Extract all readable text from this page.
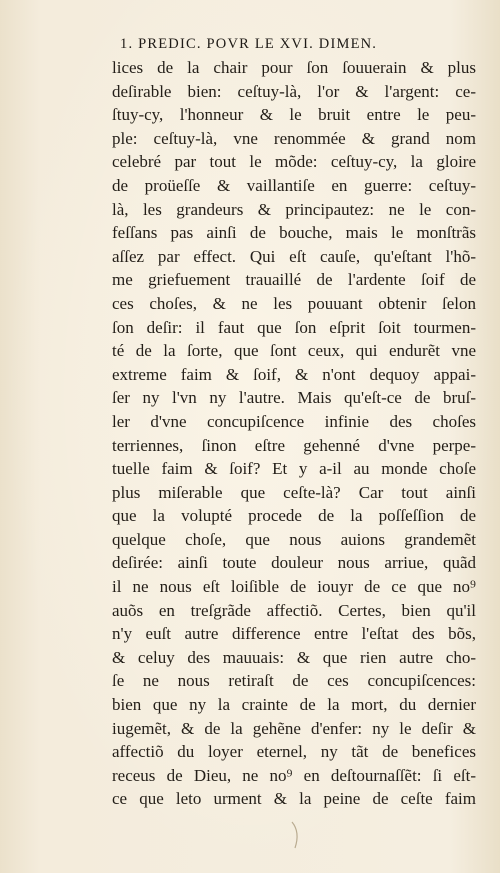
1. PREDIC. POVR LE XVI. DIMEN.
lices de la chair pour ſon ſouuerain & plus
deſirable bien: ceſtuy-là, l'or & l'argent: ce-
ſtuy-cy, l'honneur & le bruit entre le peu-
ple: ceſtuy-là, vne renommée & grand nom
celebré par tout le mõde: ceſtuy-cy, la gloire
de proüeſſe & vaillantiſe en guerre: ceſtuy-
là, les grandeurs & principautez: ne le con-
feſſans pas ainſi de bouche, mais le monſtrãs
aſſez par effect. Qui eſt cauſe, qu'eſtant l'hõ-
me griefuement trauaillé de l'ardente ſoif de
ces choſes, & ne les pouuant obtenir ſelon
ſon deſir: il faut que ſon eſprit ſoit tourmen-
té de la ſorte, que ſont ceux, qui endurẽt vne
extreme faim & ſoif, & n'ont dequoy appai-
ſer ny l'vn ny l'autre. Mais qu'eſt-ce de bruſ-
ler d'vne concupiſcence infinie des choſes
terriennes, ſinon eſtre gehenné d'vne perpe-
tuelle faim & ſoif? Et y a-il au monde choſe
plus miſerable que ceſte-là? Car tout ainſi
que la volupté procede de la poſſeſſion de
quelque choſe, que nous auions grandemẽt
deſirée: ainſi toute douleur nous arriue, quãd
il ne nous eſt loiſible de iouyr de ce que no⁹
auõs en treſgrãde affectiõ. Certes, bien qu'il
n'y euſt autre difference entre l'eſtat des bõs,
& celuy des mauuais: & que rien autre cho-
ſe ne nous retiraſt de ces concupiſcences:
bien que ny la crainte de la mort, du dernier
iugemẽt, & de la gehẽne d'enfer: ny le deſir &
affectiõ du loyer eternel, ny tãt de benefices
receus de Dieu, ne no⁹ en deſtournaſſẽt: ſi eſt-
ce que leto urment & la peine de ceſte faim
